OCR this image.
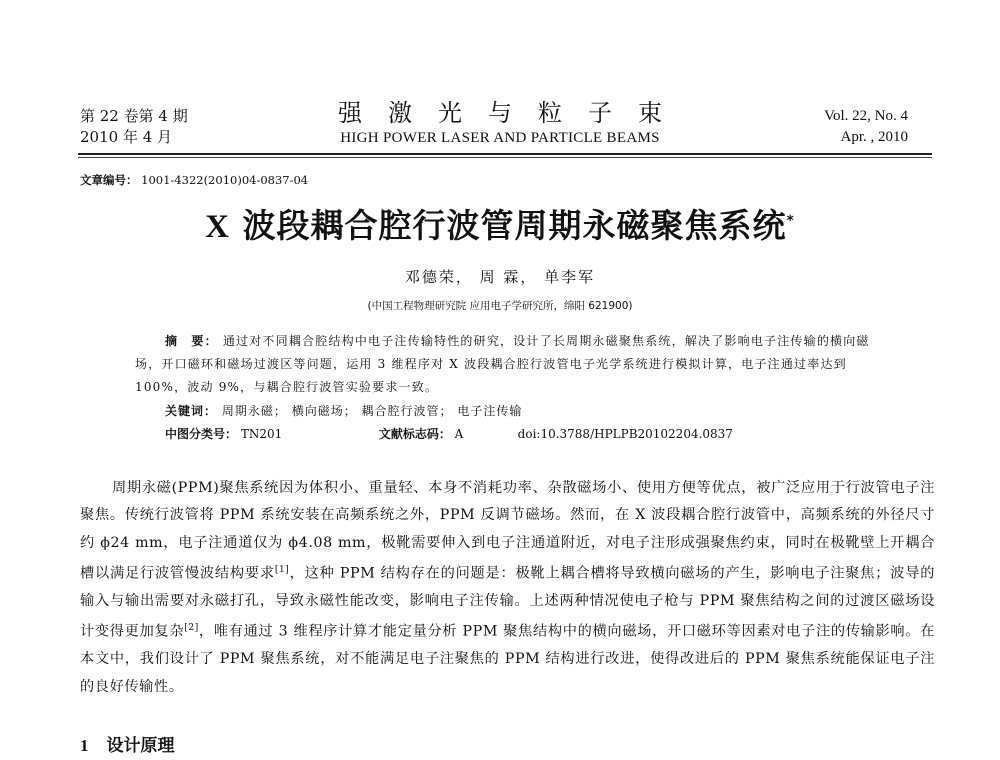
第 22 卷第 4 期
2010 年 4 月
强激光与粒子束
HIGH POWER LASER AND PARTICLE BEAMS
Vol. 22, No. 4
Apr. , 2010
文章编号： 1001-4322(2010)04-0837-04
X 波段耦合腔行波管周期永磁聚焦系统*
邓德荣， 周 霖， 单李军
(中国工程物理研究院 应用电子学研究所，绵阳 621900)
摘　要： 通过对不同耦合腔结构中电子注传输特性的研究，设计了长周期永磁聚焦系统，解决了影响电子注传输的横向磁场，开口磁环和磁场过渡区等问题，运用 3 维程序对 X 波段耦合腔行波管电子光学系统进行模拟计算，电子注通过率达到 100%，波动 9%，与耦合腔行波管实验要求一致。
关键词： 周期永磁； 横向磁场； 耦合腔行波管； 电子注传输
中图分类号： TN201	文献标志码： A	doi:10.3788/HPLPB20102204.0837
周期永磁(PPM)聚焦系统因为体积小、重量轻、本身不消耗功率、杂散磁场小、使用方便等优点，被广泛应用于行波管电子注聚焦。传统行波管将 PPM 系统安装在高频系统之外，PPM 反调节磁场。然而，在 X 波段耦合腔行波管中，高频系统的外径尺寸约 ϕ24 mm，电子注通道仅为 ϕ4.08 mm，极靴需要伸入到电子注通道附近，对电子注形成强聚焦约束，同时在极靴壁上开耦合槽以满足行波管慢波结构要求[1]，这种 PPM 结构存在的问题是：极靴上耦合槽将导致横向磁场的产生，影响电子注聚焦；波导的输入与输出需要对永磁打孔，导致永磁性能改变，影响电子注传输。上述两种情况使电子枪与 PPM 聚焦结构之间的过渡区磁场设计变得更加复杂[2]，唯有通过 3 维程序计算才能定量分析 PPM 聚焦结构中的横向磁场，开口磁环等因素对电子注的传输影响。在本文中，我们设计了 PPM 聚焦系统，对不能满足电子注聚焦的 PPM 结构进行改进，使得改进后的 PPM 聚焦系统能保证电子注的良好传输性。
1 设计原理
